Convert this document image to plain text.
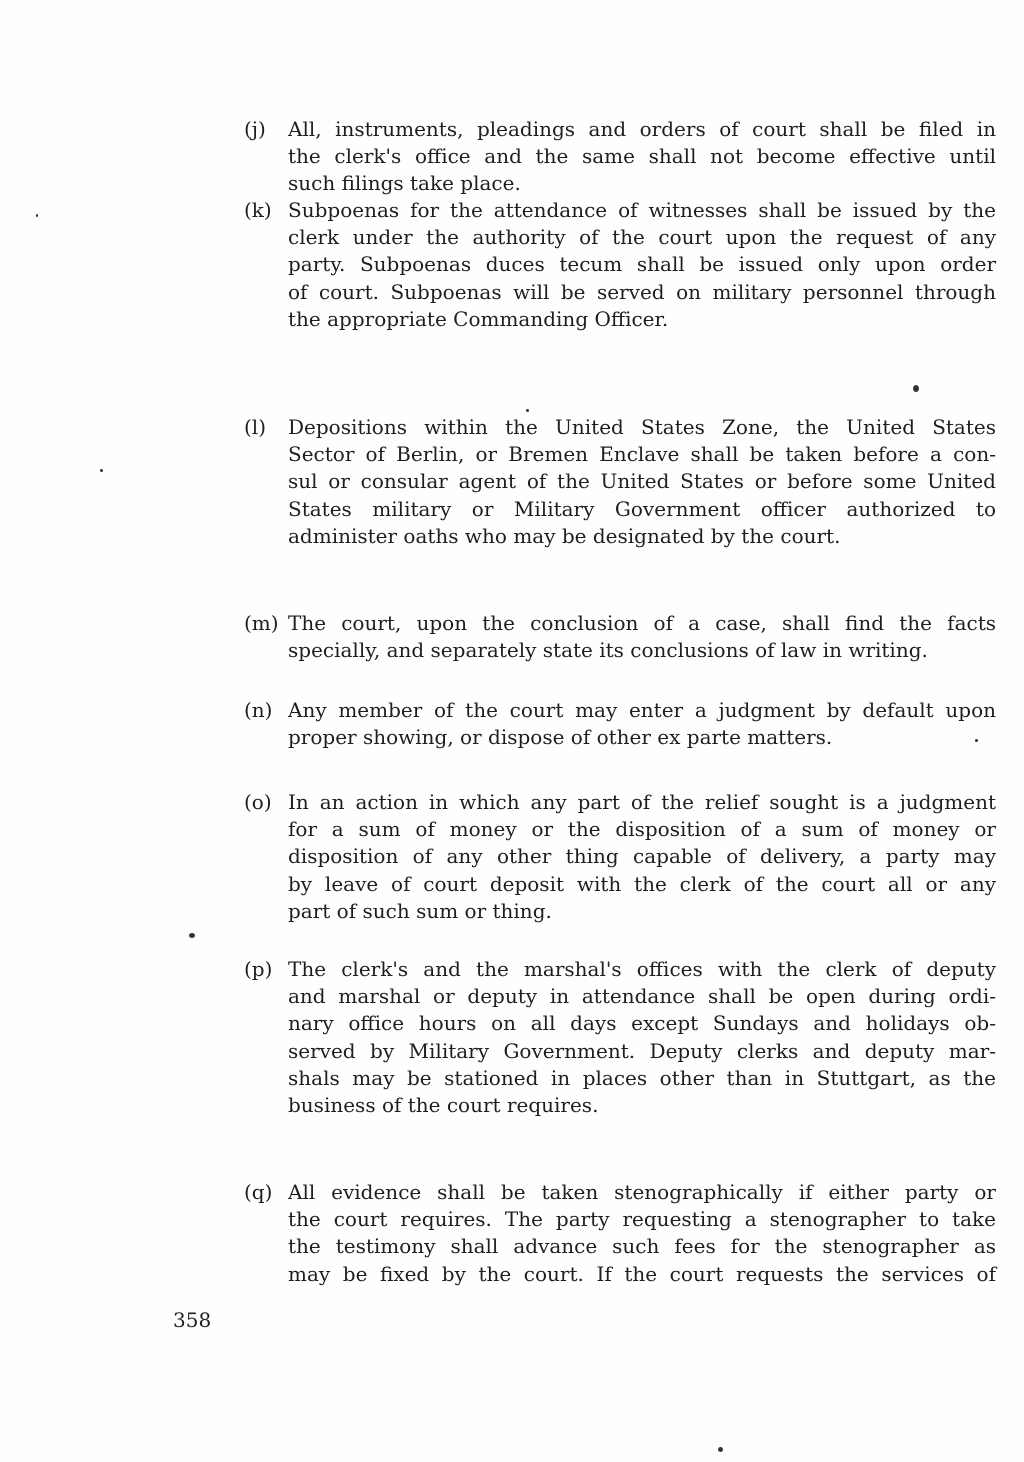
(j)	All, instruments, pleadings and orders of court shall be filed in
the clerk's office and the same shall not become effective until
such filings take place.
(k) Subpoenas for the attendance of witnesses shall be issued by the
clerk under the authority of the court upon the request of any
party. Subpoenas duces tecum shall be issued only upon order
of court. Subpoenas will be served on military personnel through
the appropriate Commanding Officer.
(l)	Depositions within the United States Zone, the United States
Sector of Berlin, or Bremen Enclave shall be taken before a con-
sul or consular agent of the United States or before some United
States military or Military Government officer authorized to
administer oaths who may be designated by the court.
(m) The court, upon the conclusion of a case, shall find the facts
specially, and separately state its conclusions of law in writing.
(n) Any member of the court may enter a judgment by default upon
proper showing, or dispose of other ex parte matters.
(o) In an action in which any part of the relief sought is a judgment
for a sum of money or the disposition of a sum of money or
disposition of any other thing capable of delivery, a party may
by leave of court deposit with the clerk of the court all or any
part of such sum or thing.
(p) The clerk's and the marshal's offices with the clerk of deputy
and marshal or deputy in attendance shall be open during ordi-
nary office hours on all days except Sundays and holidays ob-
served by Military Government. Deputy clerks and deputy mar-
shals may be stationed in places other than in Stuttgart, as the
business of the court requires.
(q) All evidence shall be taken stenographically if either party or
the court requires. The party requesting a stenographer to take
the testimony shall advance such fees for the stenographer as
may be fixed by the court. If the court requests the services of
358
